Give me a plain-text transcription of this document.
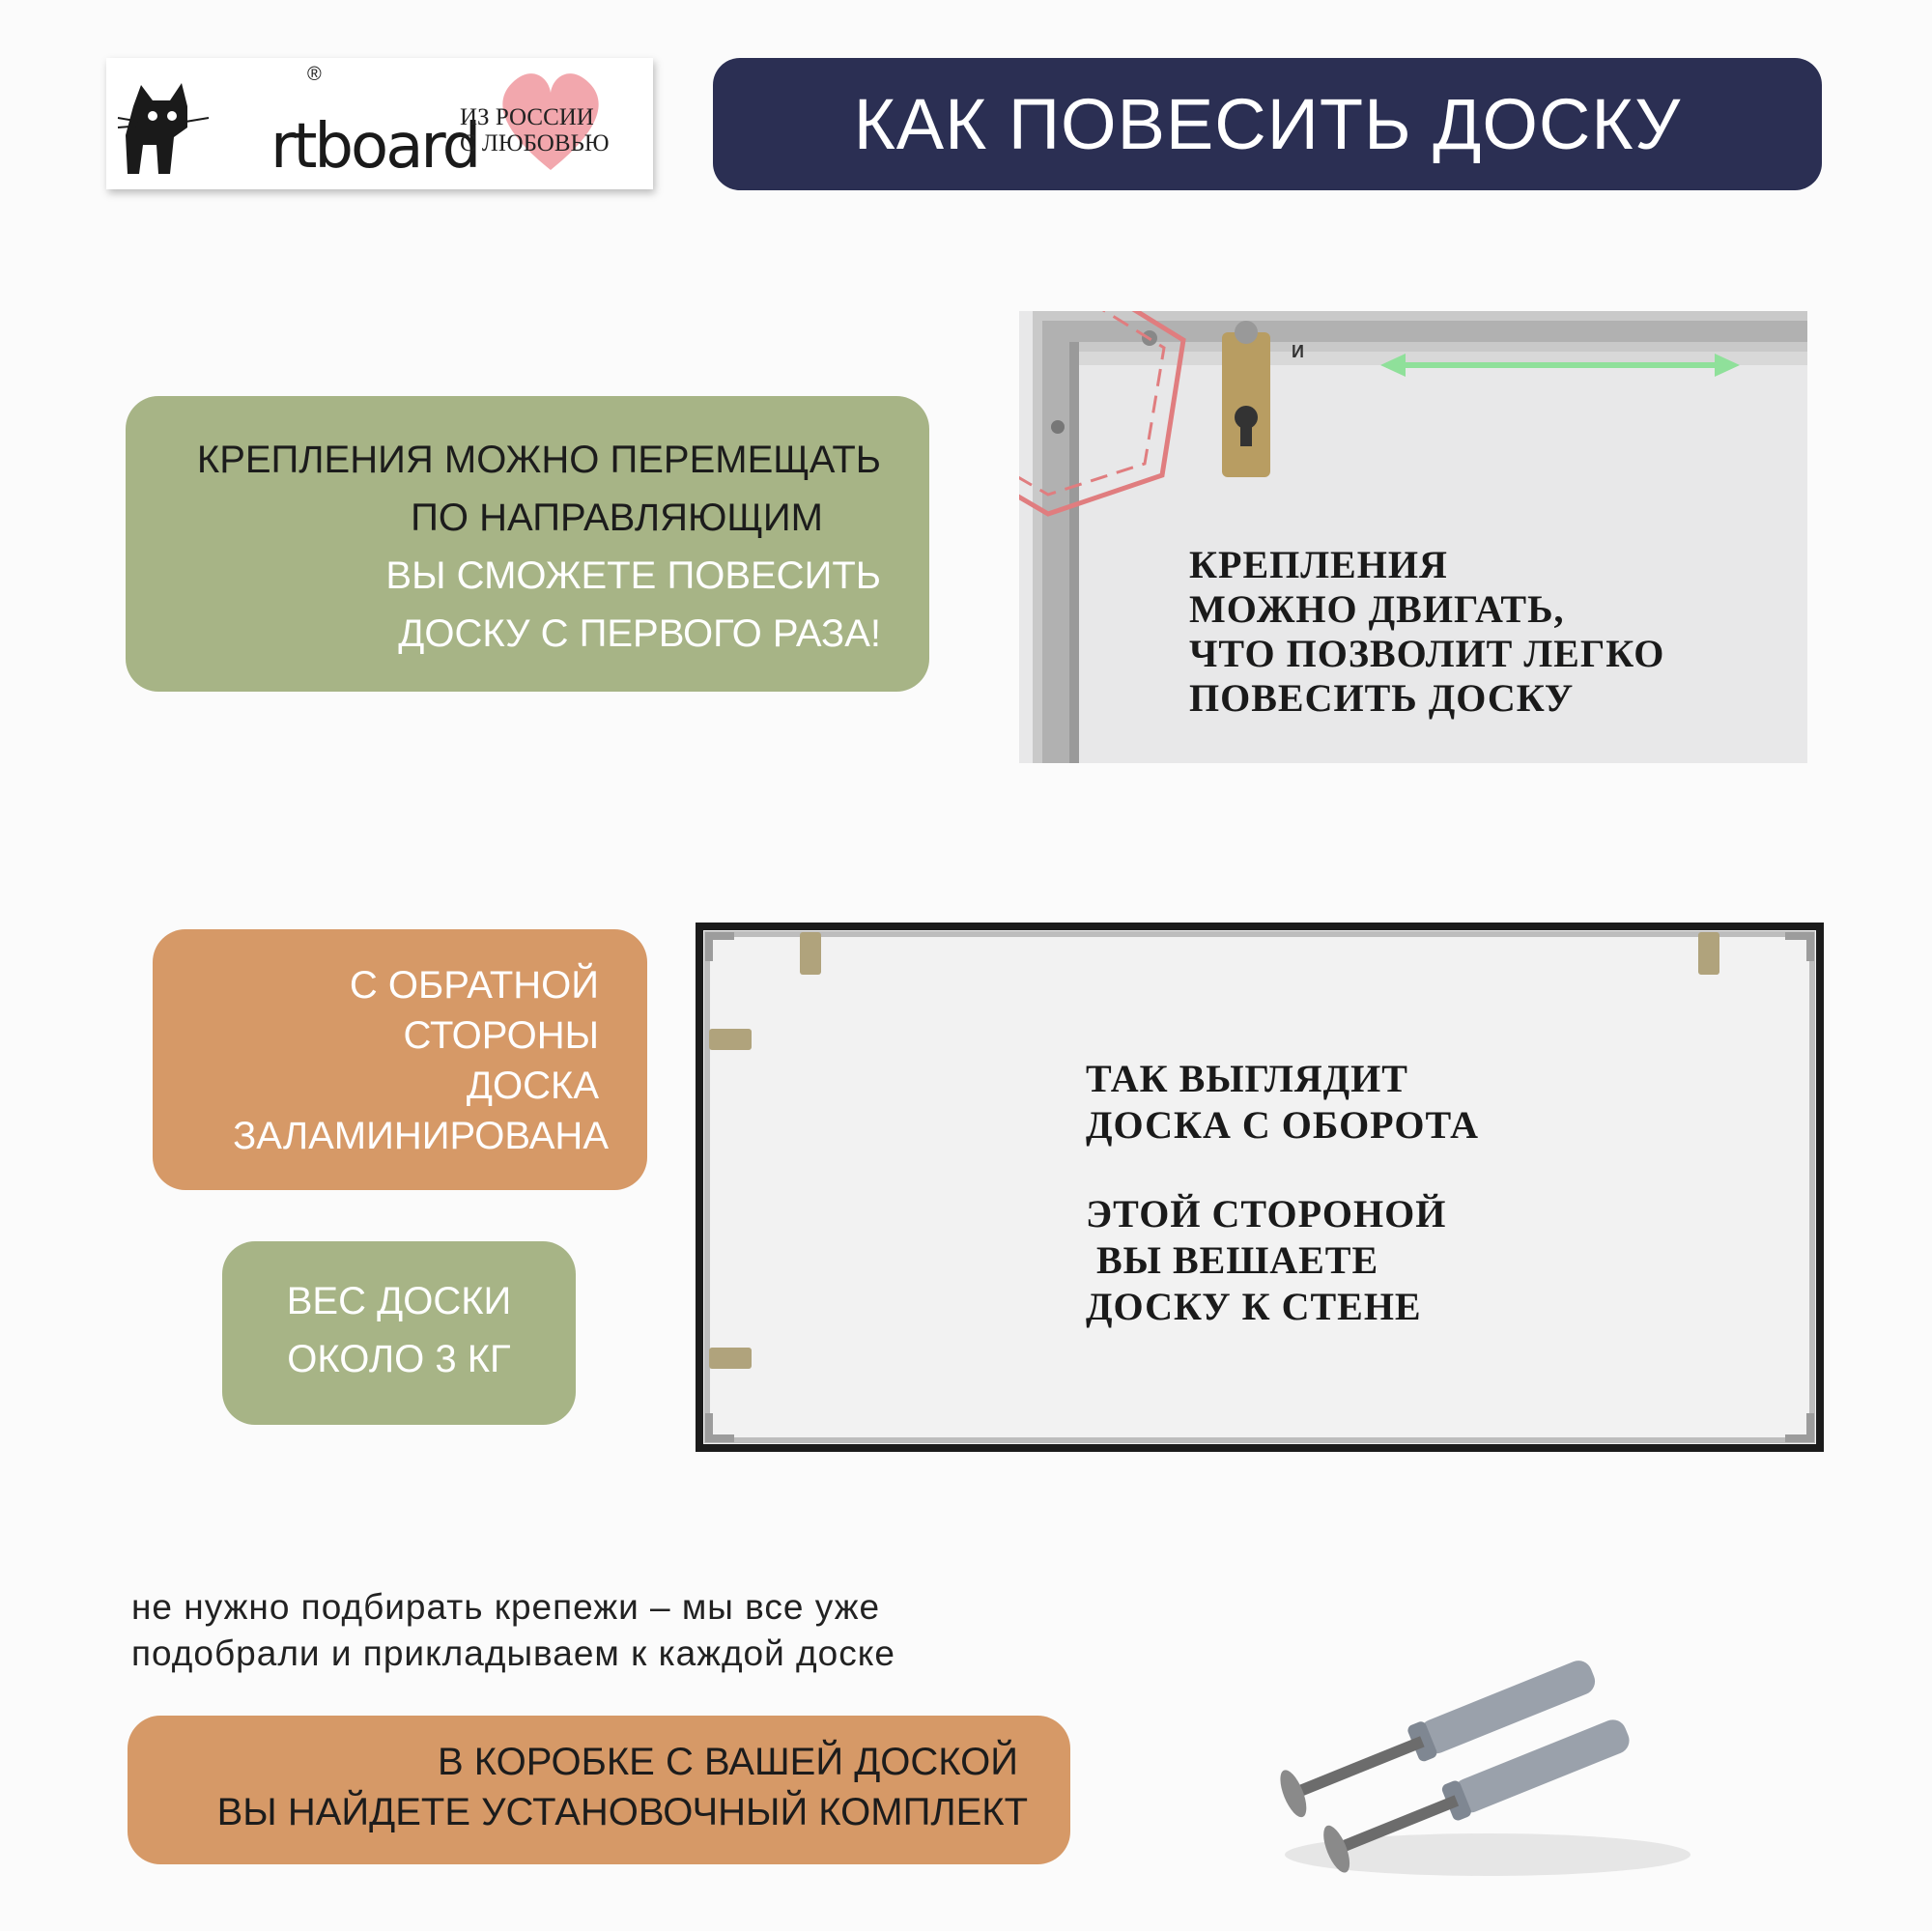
®
rtboard
ИЗ РОССИИ
С ЛЮБОВЬЮ	КАК ПОВЕСИТЬ ДОСКУ
КРЕПЛЕНИЯ МОЖНО ПЕРЕМЕЩАТЬ
ПО НАПРАВЛЯЮЩИМ
ВЫ СМОЖЕТЕ ПОВЕСИТЬ
ДОСКУ С ПЕРВОГО РАЗА!
И
КРЕПЛЕНИЯ
МОЖНО ДВИГАТЬ,
ЧТО ПОЗВОЛИТ ЛЕГКО
ПОВЕСИТЬ ДОСКУ
С ОБРАТНОЙ
СТОРОНЫ
ДОСКА
ЗАЛАМИНИРОВАНА
ВЕС ДОСКИ
ОКОЛО 3 КГ
ТАК ВЫГЛЯДИТ
ДОСКА С ОБОРОТА
ЭТОЙ СТОРОНОЙ
ВЫ ВЕШАЕТЕ
ДОСКУ К СТЕНЕ
не нужно подбирать крепежи – мы все уже
подобрали и прикладываем к каждой доске
В КОРОБКЕ С ВАШЕЙ ДОСКОЙ
ВЫ НАЙДЕТЕ УСТАНОВОЧНЫЙ КОМПЛЕКТ
